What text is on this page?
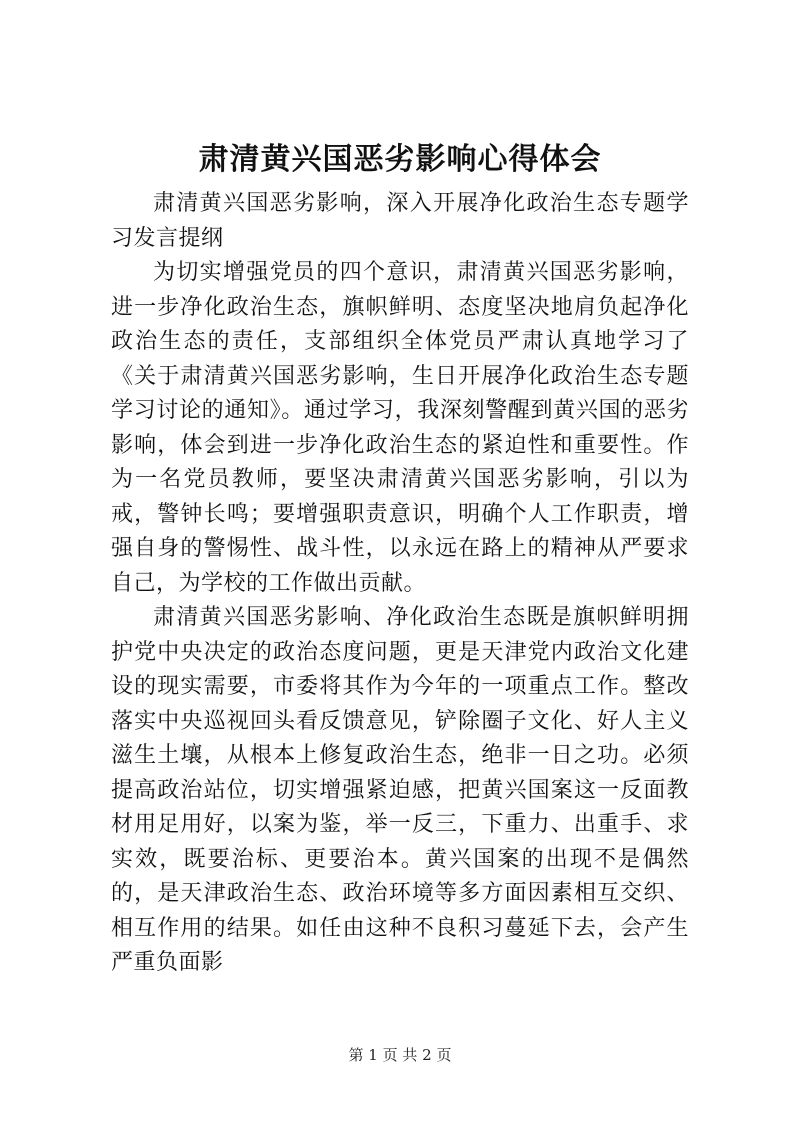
肃清黄兴国恶劣影响心得体会

肃清黄兴国恶劣影响，深入开展净化政治生态专题学习发言提纲

为切实增强党员的四个意识，肃清黄兴国恶劣影响，进一步净化政治生态，旗帜鲜明、态度坚决地肩负起净化政治生态的责任，支部组织全体党员严肃认真地学习了《关于肃清黄兴国恶劣影响，生日开展净化政治生态专题学习讨论的通知》。通过学习，我深刻警醒到黄兴国的恶劣影响，体会到进一步净化政治生态的紧迫性和重要性。作为一名党员教师，要坚决肃清黄兴国恶劣影响，引以为戒，警钟长鸣；要增强职责意识，明确个人工作职责，增强自身的警惕性、战斗性，以永远在路上的精神从严要求自己，为学校的工作做出贡献。

肃清黄兴国恶劣影响、净化政治生态既是旗帜鲜明拥护党中央决定的政治态度问题，更是天津党内政治文化建设的现实需要，市委将其作为今年的一项重点工作。整改落实中央巡视回头看反馈意见，铲除圈子文化、好人主义滋生土壤，从根本上修复政治生态，绝非一日之功。必须提高政治站位，切实增强紧迫感，把黄兴国案这一反面教材用足用好，以案为鉴，举一反三，下重力、出重手、求实效，既要治标、更要治本。黄兴国案的出现不是偶然的，是天津政治生态、政治环境等多方面因素相互交织、相互作用的结果。如任由这种不良积习蔓延下去，会产生严重负面影

第 1 页 共 2 页
